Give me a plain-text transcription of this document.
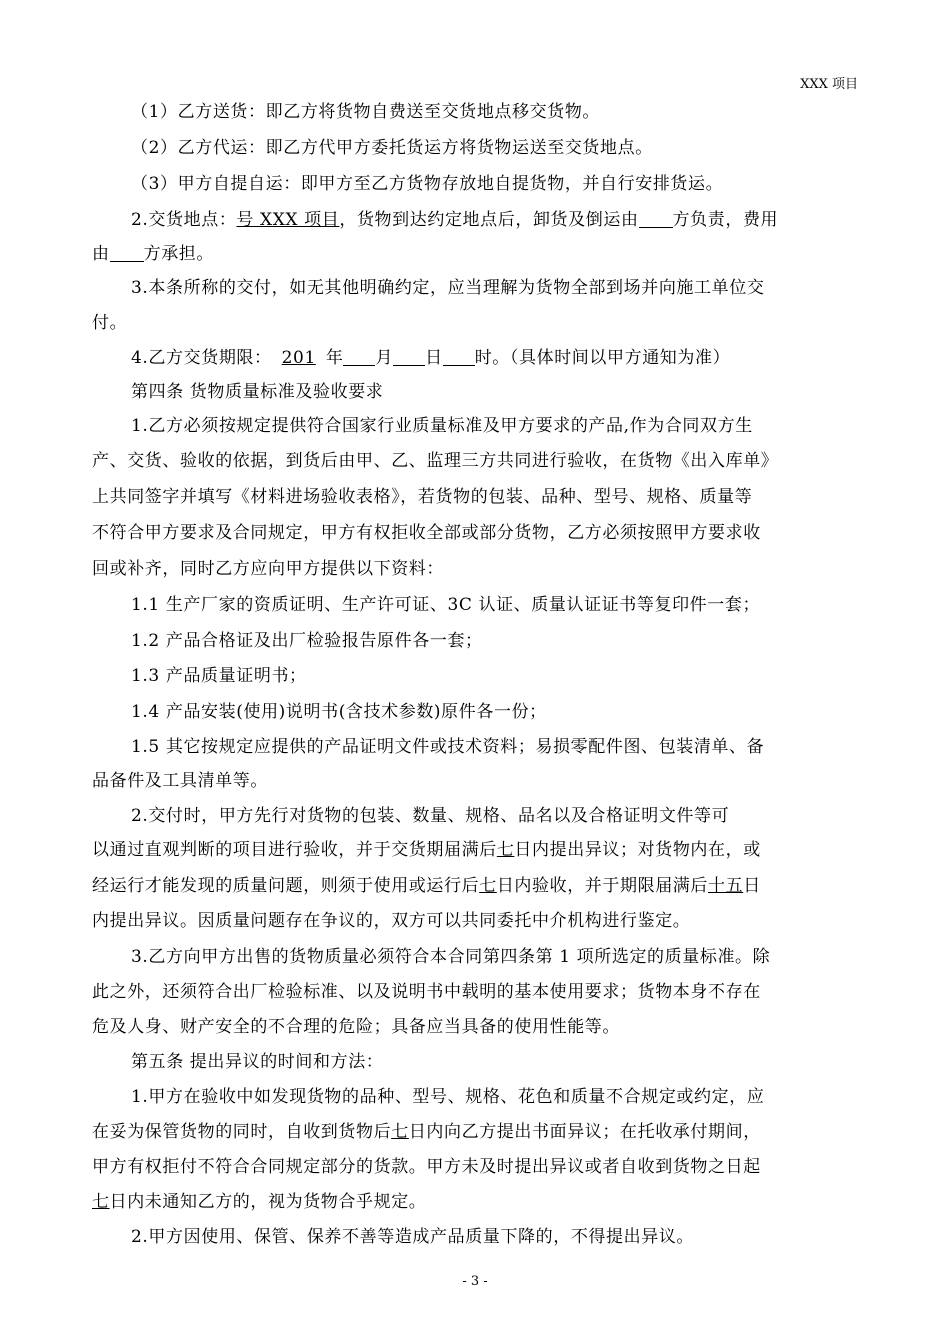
XXX 项目
（1）乙方送货：即乙方将货物自费送至交货地点移交货物。
（2）乙方代运：即乙方代甲方委托货运方将货物运送至交货地点。
（3）甲方自提自运：即甲方至乙方货物存放地自提货物，并自行安排货运。
2.交货地点：号 XXX 项目，货物到达约定地点后，卸货及倒运由 方负责，费用
由 方承担。
3.本条所称的交付，如无其他明确约定，应当理解为货物全部到场并向施工单位交
付。
4.乙方交货期限： 201 年 月 日 时。（具体时间以甲方通知为准）
第四条 货物质量标准及验收要求
1.乙方必须按规定提供符合国家行业质量标准及甲方要求的产品,作为合同双方生
产、交货、验收的依据，到货后由甲、乙、监理三方共同进行验收，在货物《出入库单》
上共同签字并填写《材料进场验收表格》，若货物的包装、品种、型号、规格、质量等
不符合甲方要求及合同规定，甲方有权拒收全部或部分货物，乙方必须按照甲方要求收
回或补齐，同时乙方应向甲方提供以下资料：
1.1 生产厂家的资质证明、生产许可证、3C 认证、质量认证证书等复印件一套；
1.2 产品合格证及出厂检验报告原件各一套；
1.3 产品质量证明书；
1.4 产品安装(使用)说明书(含技术参数)原件各一份；
1.5 其它按规定应提供的产品证明文件或技术资料；易损零配件图、包装清单、备
品备件及工具清单等。
2.交付时，甲方先行对货物的包装、数量、规格、品名以及合格证明文件等可
以通过直观判断的项目进行验收，并于交货期届满后七日内提出异议；对货物内在，或
经运行才能发现的质量问题，则须于使用或运行后七日内验收，并于期限届满后十五日
内提出异议。因质量问题存在争议的，双方可以共同委托中介机构进行鉴定。
3.乙方向甲方出售的货物质量必须符合本合同第四条第 1 项所选定的质量标准。除
此之外，还须符合出厂检验标准、以及说明书中载明的基本使用要求；货物本身不存在
危及人身、财产安全的不合理的危险；具备应当具备的使用性能等。
第五条 提出异议的时间和方法：
1.甲方在验收中如发现货物的品种、型号、规格、花色和质量不合规定或约定，应
在妥为保管货物的同时，自收到货物后七日内向乙方提出书面异议；在托收承付期间，
甲方有权拒付不符合合同规定部分的货款。甲方未及时提出异议或者自收到货物之日起
七日内未通知乙方的，视为货物合乎规定。
2.甲方因使用、保管、保养不善等造成产品质量下降的，不得提出异议。
- 3 -
